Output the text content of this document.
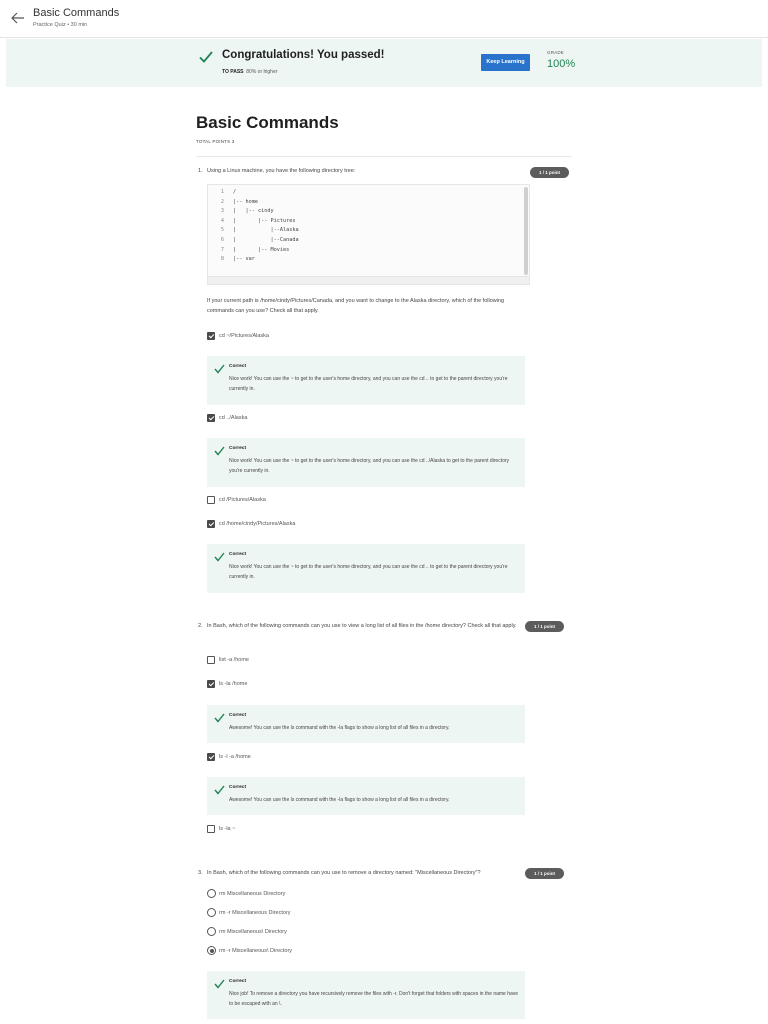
Basic Commands
Practice Quiz • 30 min
Congratulations! You passed!
TO PASS 80% or higher
Keep Learning
GRADE
100%
Basic Commands
TOTAL POINTS 3
1. Using a Linux machine, you have the following directory tree:	1 / 1 point
1 /
2 |-- home
3 |   |-- cindy
4 |       |-- Pictures
5 |           |--Alaska
6 |           |--Canada
7 |       |-- Movies
8 |-- var
If your current path is /home/cindy/Pictures/Canada, and you want to change to the Alaska directory, which of the following commands can you use? Check all that apply.
cd ~/Pictures/Alaska
Correct
Nice work! You can use the ~ to get to the user's home directory, and you can use the cd .. to get to the parent directory you're currently in.
cd ../Alaska
Correct
Nice work! You can use the ~ to get to the user's home directory, and you can use the cd ../Alaska to get to the parent directory you're currently in.
cd /Pictures/Alaska
cd /home/cindy/Pictures/Alaska
Correct
Nice work! You can use the ~ to get to the user's home directory, and you can use the cd .. to get to the parent directory you're currently in.
2. In Bash, which of the following commands can you use to view a long list of all files in the /home directory? Check all that apply.	1 / 1 point
list -a /home
ls -la /home
Correct
Awesome! You can use the ls command with the -la flags to show a long list of all files in a directory.
ls -l -a /home
Correct
Awesome! You can use the ls command with the -la flags to show a long list of all files in a directory.
ls -la ~
3. In Bash, which of the following commands can you use to remove a directory named: "Miscellaneous Directory"?	1 / 1 point
rm Miscellaneous Directory
rm -r Miscellaneous Directory
rm Miscellaneous\ Directory
rm -r Miscellaneous\ Directory
Correct
Nice job! To remove a directory you have recursively remove the files with -r. Don't forget that folders with spaces in the name have to be escaped with an \.
